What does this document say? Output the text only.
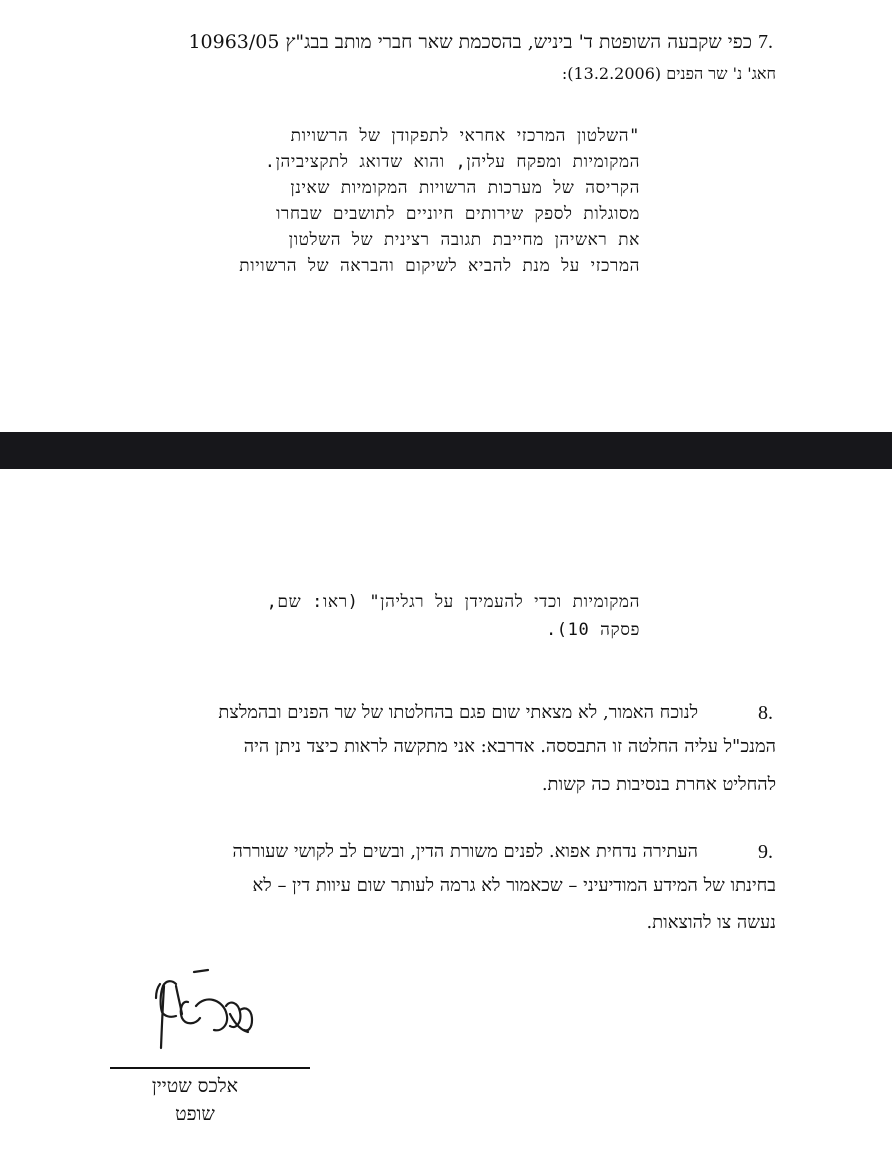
7.
כפי שקבעה השופטת ד' ביניש, בהסכמת שאר חברי מותב בבג"ץ 10963/05
חאג' נ' שר הפנים (13.2.2006):
"השלטון המרכזי אחראי לתפקודן של הרשויות
המקומיות ומפקח עליהן, והוא שדואג לתקציביהן.
הקריסה של מערכות הרשויות המקומיות שאינן
מסוגלות לספק שירותים חיוניים לתושבים שבחרו
את ראשיהן מחייבת תגובה רצינית של השלטון
המרכזי על מנת להביא לשיקום והבראה של הרשויות
המקומיות וכדי להעמידן על רגליהן" (ראו: שם,
פסקה 10).
8.
לנוכח האמור, לא מצאתי שום פגם בהחלטתו של שר הפנים ובהמלצת
המנכ"ל עליה החלטה זו התבססה. אדרבא: אני מתקשה לראות כיצד ניתן היה
להחליט אחרת בנסיבות כה קשות.
9.
העתירה נדחית אפוא. לפנים משורת הדין, ובשים לב לקושי שעוררה
בחינתו של המידע המודיעיני – שכאמור לא גרמה לעותר שום עיוות דין – לא
נעשה צו להוצאות.
אלכס שטיין
שופט
